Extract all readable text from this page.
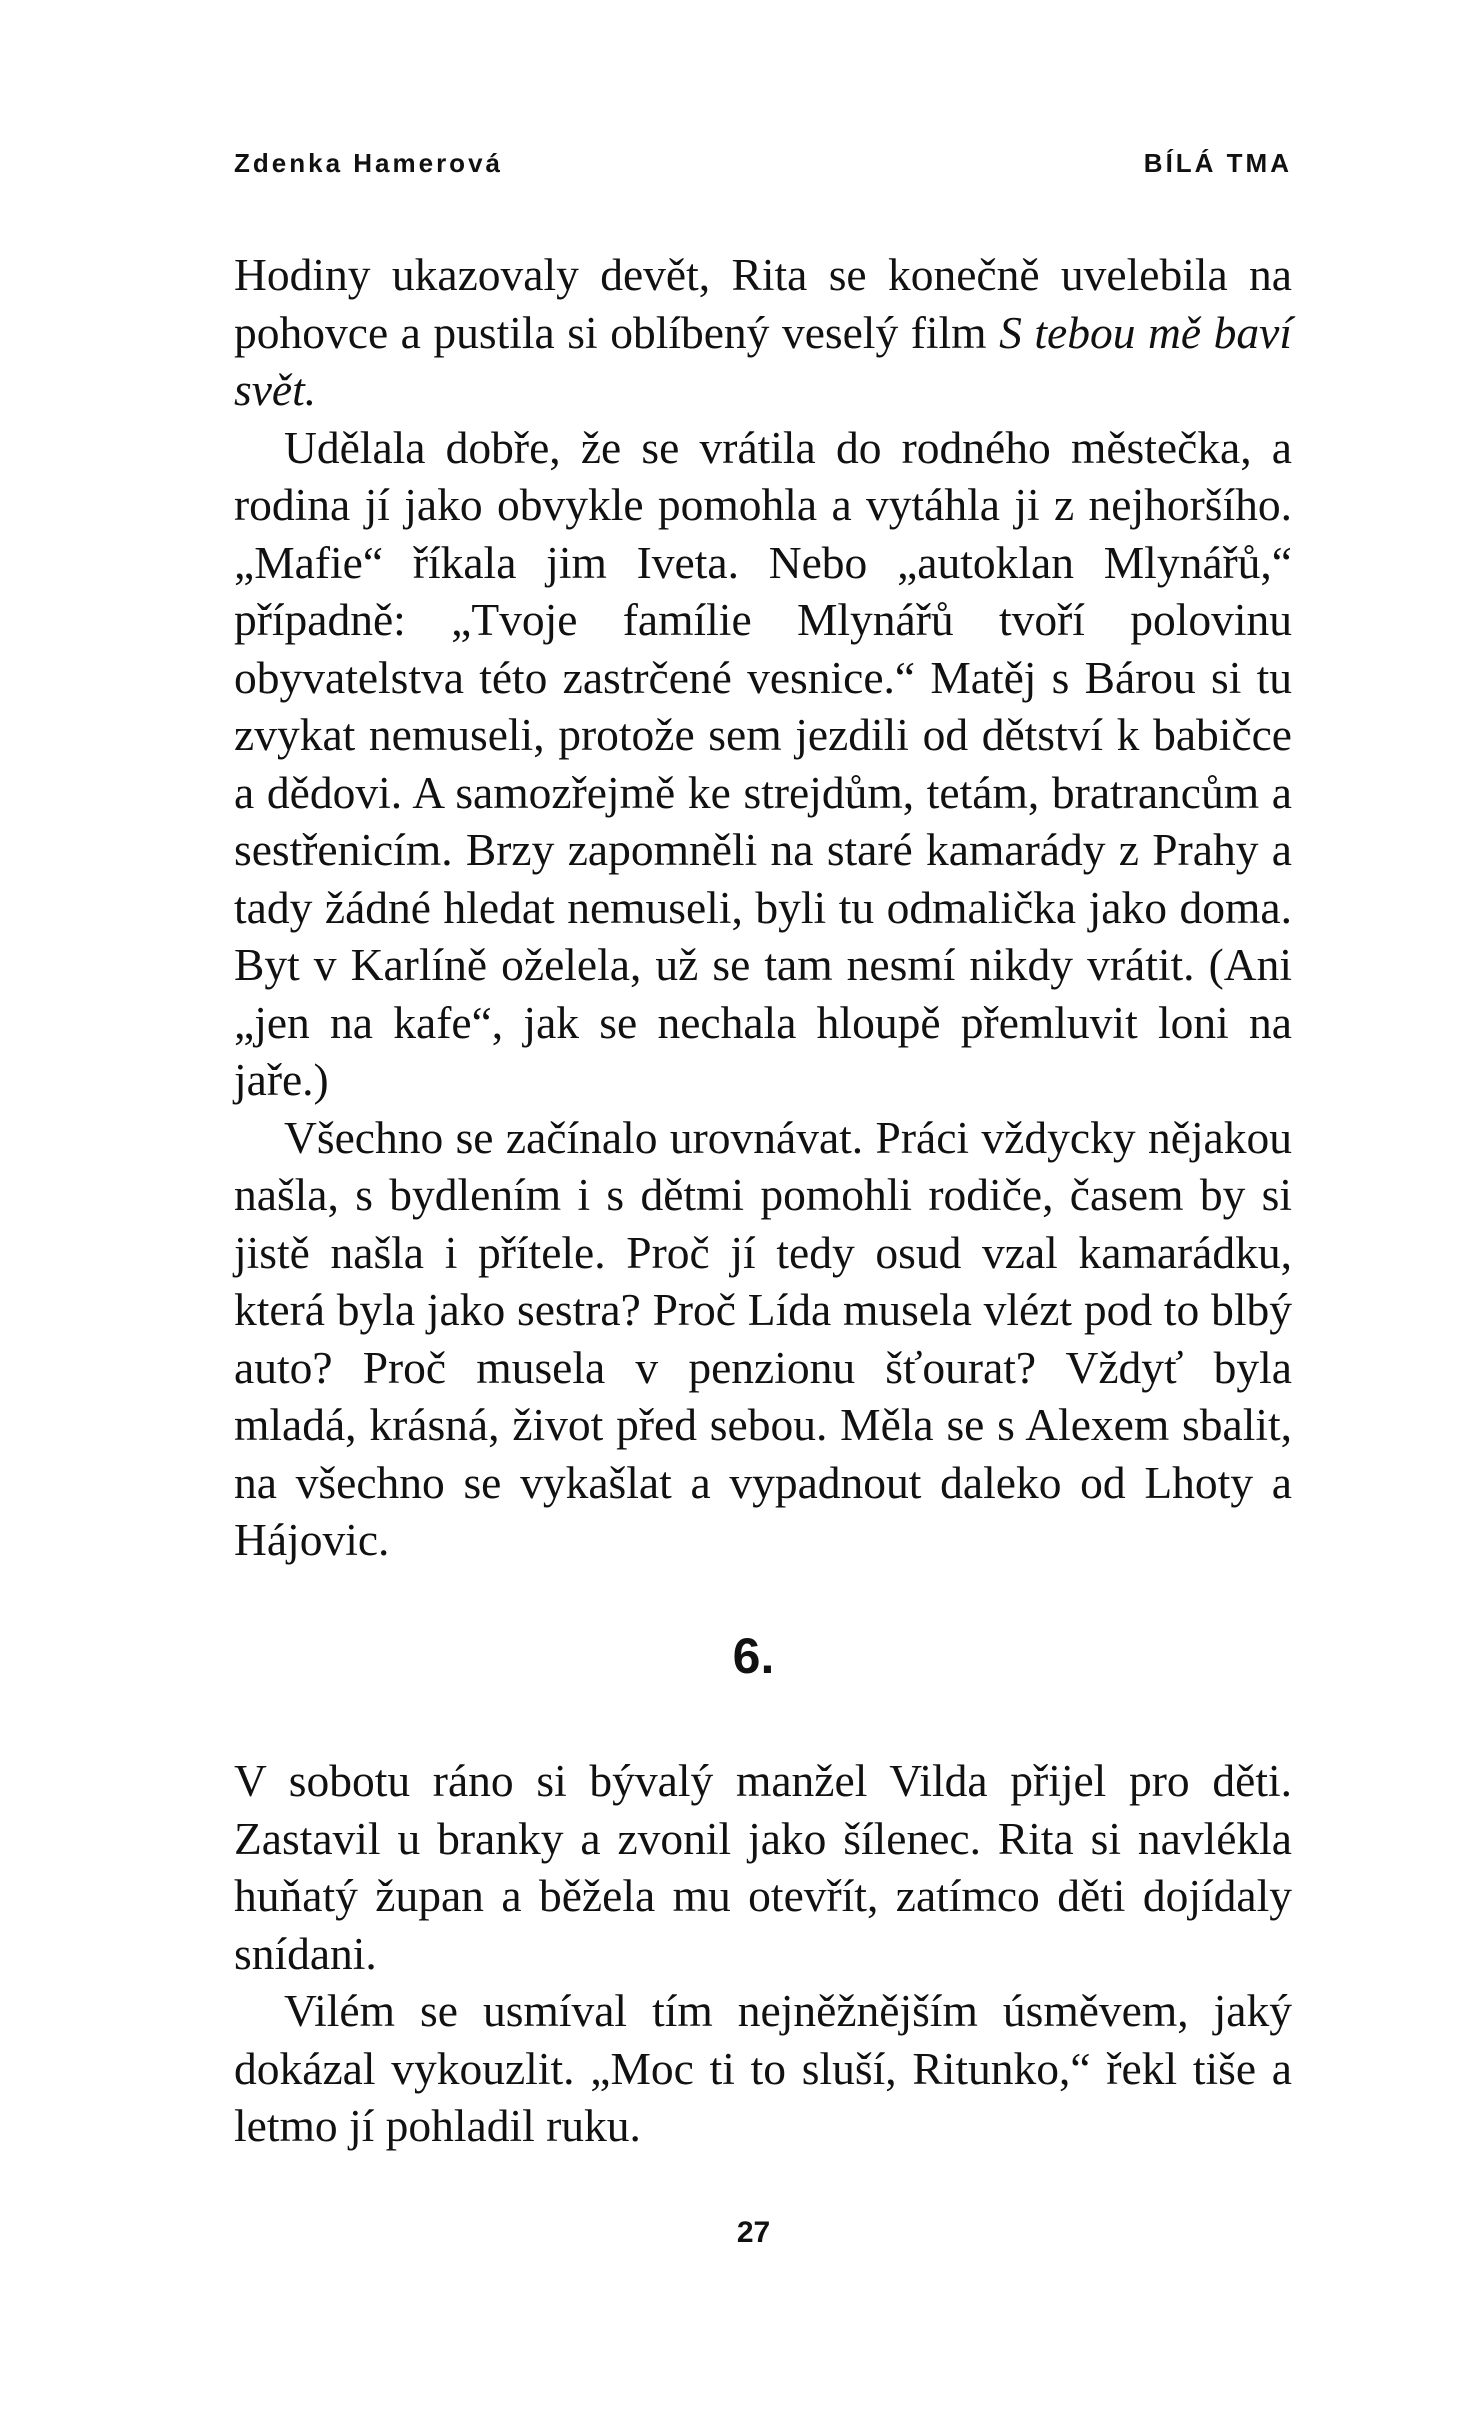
Zdenka Hamerová	BÍLÁ TMA

Hodiny ukazovaly devět, Rita se konečně uvelebila na pohovce a pustila si oblíbený veselý film S tebou mě baví svět.

Udělala dobře, že se vrátila do rodného městečka, a rodina jí jako obvykle pomohla a vytáhla ji z nejhoršího. „Mafie“ říkala jim Iveta. Nebo „autoklan Mlynářů,“ případně: „Tvoje famílie Mlynářů tvoří polovinu obyvatelstva této zastrčené vesnice.“ Matěj s Bárou si tu zvykat nemuseli, protože sem jezdili od dětství k babičce a dědovi. A samozřejmě ke strejdům, tetám, bratrancům a sestřenicím. Brzy zapomněli na staré kamarády z Prahy a tady žádné hledat nemuseli, byli tu odmalička jako doma. Byt v Karlíně oželela, už se tam nesmí nikdy vrátit. (Ani „jen na kafe“, jak se nechala hloupě přemluvit loni na jaře.)

Všechno se začínalo urovnávat. Práci vždycky nějakou našla, s bydlením i s dětmi pomohli rodiče, časem by si jistě našla i přítele. Proč jí tedy osud vzal kamarádku, která byla jako sestra? Proč Lída musela vlézt pod to blbý auto? Proč musela v penzionu šťourat? Vždyť byla mladá, krásná, život před sebou. Měla se s Alexem sbalit, na všechno se vykašlat a vypadnout daleko od Lhoty a Hájovic.

6.

V sobotu ráno si bývalý manžel Vilda přijel pro děti. Zastavil u branky a zvonil jako šílenec. Rita si navlékla huňatý župan a běžela mu otevřít, zatímco děti dojídaly snídani.

Vilém se usmíval tím nejněžnějším úsměvem, jaký dokázal vykouzlit. „Moc ti to sluší, Ritunko,“ řekl tiše a letmo jí pohladil ruku.

27
